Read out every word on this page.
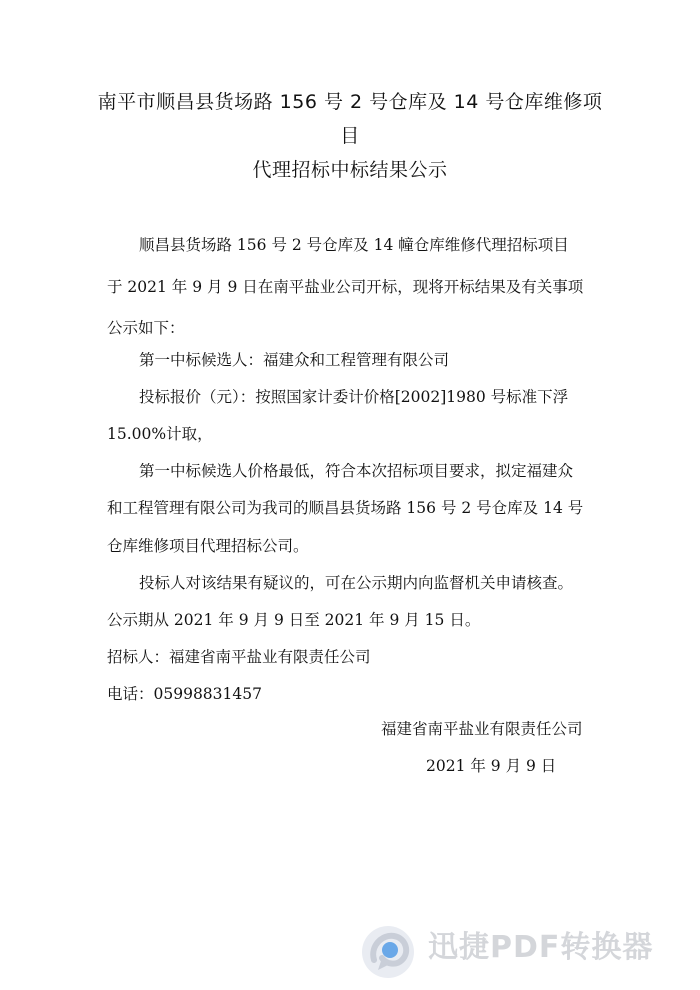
南平市顺昌县货场路 156 号 2 号仓库及 14 号仓库维修项
目
代理招标中标结果公示
顺昌县货场路 156 号 2 号仓库及 14 幢仓库维修代理招标项目
于 2021 年 9 月 9 日在南平盐业公司开标，现将开标结果及有关事项
公示如下：
第一中标候选人：福建众和工程管理有限公司
投标报价（元）：按照国家计委计价格[2002]1980 号标准下浮
15.00%计取，
第一中标候选人价格最低，符合本次招标项目要求，拟定福建众
和工程管理有限公司为我司的顺昌县货场路 156 号 2 号仓库及 14 号
仓库维修项目代理招标公司。
投标人对该结果有疑议的，可在公示期内向监督机关申请核查。
公示期从 2021 年 9 月 9 日至 2021 年 9 月 15 日。
招标人：福建省南平盐业有限责任公司
电话：05998831457
福建省南平盐业有限责任公司
2021 年 9 月 9 日
迅捷PDF转换器
